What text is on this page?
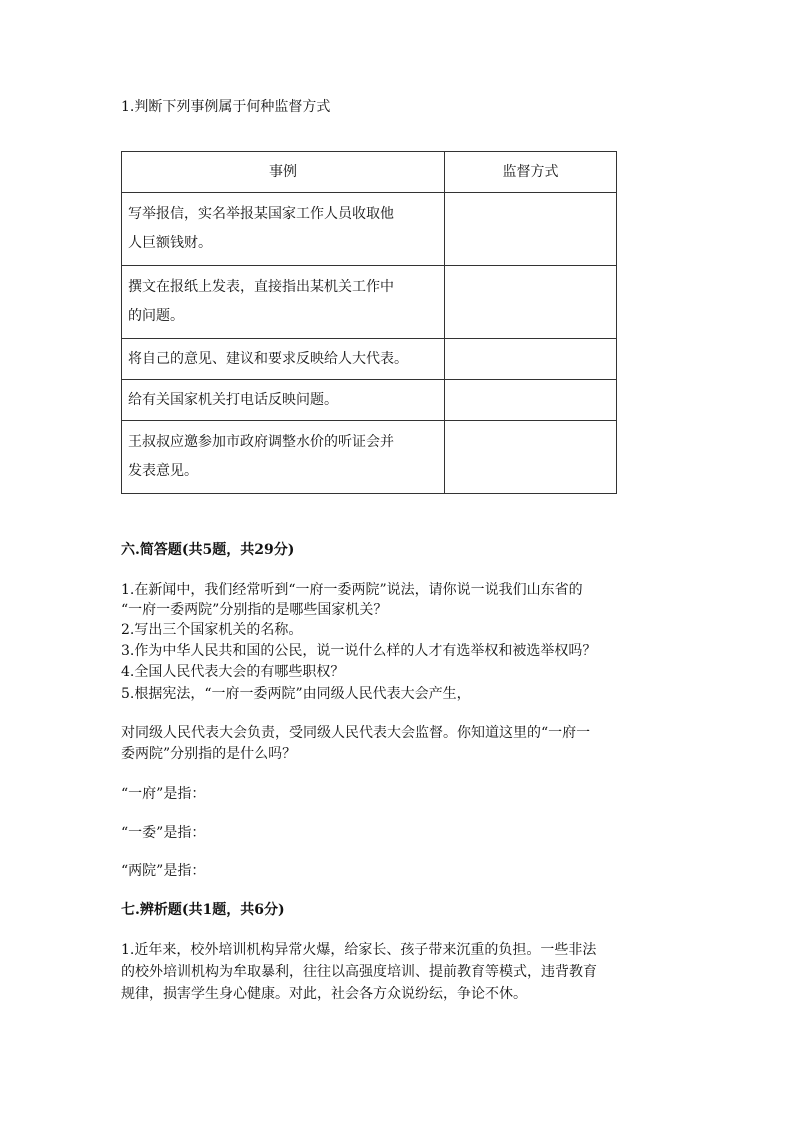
1.判断下列事例属于何种监督方式
事例	监督方式
写举报信，实名举报某国家工作人员收取他
人巨额钱财。	
撰文在报纸上发表，直接指出某机关工作中
的问题。	
将自己的意见、建议和要求反映给人大代表。	
给有关国家机关打电话反映问题。	
王叔叔应邀参加市政府调整水价的听证会并
发表意见。	
六.简答题(共5题，共29分)
1.在新闻中，我们经常听到“一府一委两院”说法，请你说一说我们山东省的
“一府一委两院”分别指的是哪些国家机关？
2.写出三个国家机关的名称。
3.作为中华人民共和国的公民，说一说什么样的人才有选举权和被选举权吗？
4.全国人民代表大会的有哪些职权？
5.根据宪法，“一府一委两院”由同级人民代表大会产生，
对同级人民代表大会负责，受同级人民代表大会监督。你知道这里的“一府一
委两院”分别指的是什么吗？
“一府”是指：
“一委”是指：
“两院”是指：
七.辨析题(共1题，共6分)
1.近年来，校外培训机构异常火爆，给家长、孩子带来沉重的负担。一些非法
的校外培训机构为牟取暴利，往往以高强度培训、提前教育等模式，违背教育
规律，损害学生身心健康。对此，社会各方众说纷纭，争论不休。
